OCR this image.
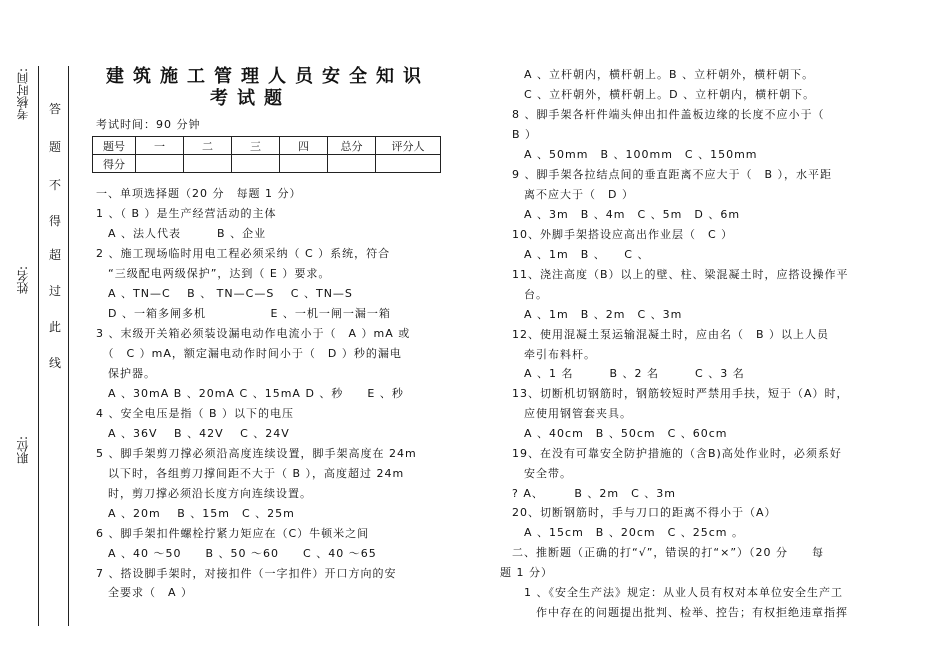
考核时间:
姓名:
职位:
答
题
不
得
超
过
此
线
建筑施工管理人员安全知识
考试题
考试时间：90 分钟
题号	一	二	三	四	总分	评分人
得分						
一、单项选择题（20 分　每题 1 分）
1 、（ B ）是生产经营活动的主体
　A 、法人代表　　　B 、企业
2 、施工现场临时用电工程必须采纳（ C ）系统，符合
　“三级配电两级保护”，达到（ E ）要求。
　A 、TN—C　 B 、 TN—C—S　 C 、TN—S
　D 、一箱多闸多机　　　　　 E 、一机一闸一漏一箱
3 、末级开关箱必须装设漏电动作电流小于（　A ）mA 或
　（　C ）mA，额定漏电动作时间小于（　D ）秒的漏电
　保护器。
　A 、30mA B 、20mA C 、15mA D 、秒　　E 、秒
4 、安全电压是指（ B ）以下的电压
　A 、36V　 B 、42V　 C 、24V
5 、脚手架剪刀撑必须沿高度连续设置，脚手架高度在 24m
　以下时，各组剪刀撑间距不大于（ B ），高度超过 24m
　时，剪刀撑必须沿长度方向连续设置。
　A 、20m　 B 、15m　C 、25m
6 、脚手架扣件螺栓拧紧力矩应在（C）牛顿米之间
　A 、40 ～50　　B 、50 ～60　　C 、40 ～65
7 、搭设脚手架时，对接扣件（一字扣件）开口方向的安
　全要求（　A ）
　A 、立杆朝内，横杆朝上。B 、立杆朝外，横杆朝下。
　C 、立杆朝外，横杆朝上。D 、立杆朝内，横杆朝下。
8 、脚手架各杆件端头伸出扣件盖板边缘的长度不应小于（
B ）
　A 、50mm　B 、100mm　C 、150mm
9 、脚手架各拉结点间的垂直距离不应大于（　B ），水平距
　离不应大于（　D ）
　A 、3m　B 、4m　C 、5m　D 、6m
10、外脚手架搭设应高出作业层（　C ）
　A 、1m　B 、　　C 、
11、浇注高度（B）以上的壁、柱、梁混凝土时，应搭设操作平
　台。
　A 、1m　B 、2m　C 、3m
12、使用混凝土泵运输混凝土时，应由名（　B ）以上人员
　牵引布料杆。
　A 、1 名　　　B 、2 名　　　C 、3 名
13、切断机切钢筋时，钢筋较短时严禁用手扶，短于（A）时，
　应使用钢管套夹具。
　A 、40cm　B 、50cm　C 、60cm
19、在没有可靠安全防护措施的（含B)高处作业时，必须系好
　安全带。
? A、　　　B 、2m　C 、3m
20、切断钢筋时，手与刀口的距离不得小于（A）
　A 、15cm　B 、20cm　C 、25cm 。
二、推断题（正确的打“√”，错误的打“×”）（20 分　　每
题 1 分）
　1 、《安全生产法》规定：从业人员有权对本单位安全生产工
　　作中存在的问题提出批判、检举、控告；有权拒绝违章指挥
